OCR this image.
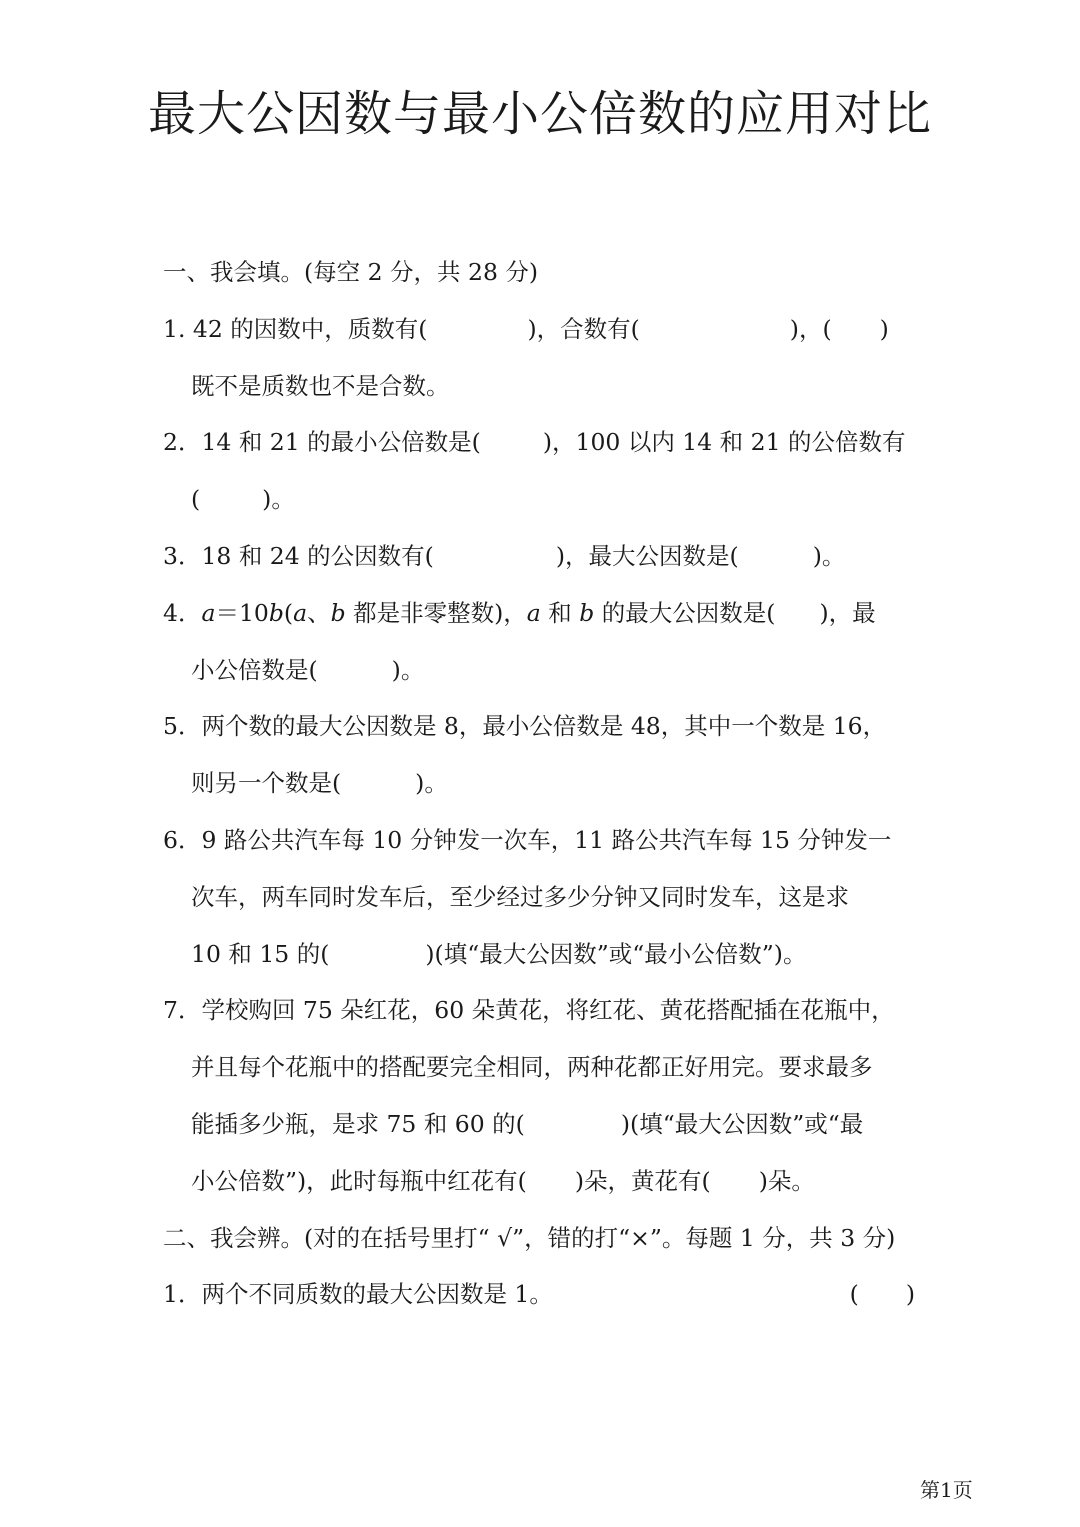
最大公因数与最小公倍数的应用对比
一、我会填。(每空 2 分，共 28 分)
1. 42 的因数中，质数有(	)，合数有(	)，( )
既不是质数也不是合数。
2．14 和 21 的最小公倍数是(	)，100 以内 14 和 21 的公倍数有
(	)。
3．18 和 24 的公因数有(	)，最大公因数是(	)。
4．a＝10b(a、b 都是非零整数)，a 和 b 的最大公因数是( )，最
小公倍数是(	)。
5．两个数的最大公因数是 8，最小公倍数是 48，其中一个数是 16，
则另一个数是(	)。
6．9 路公共汽车每 10 分钟发一次车，11 路公共汽车每 15 分钟发一
次车，两车同时发车后，至少经过多少分钟又同时发车，这是求
10 和 15 的(	)(填“最大公因数”或“最小公倍数”)。
7．学校购回 75 朵红花，60 朵黄花，将红花、黄花搭配插在花瓶中，
并且每个花瓶中的搭配要完全相同，两种花都正好用完。要求最多
能插多少瓶，是求 75 和 60 的(	)(填“最大公因数”或“最
小公倍数”)，此时每瓶中红花有( )朵，黄花有( )朵。
二、我会辨。(对的在括号里打“ √”，错的打“×”。每题 1 分，共 3 分)
1．两个不同质数的最大公因数是 1。	(　　)
第1页
